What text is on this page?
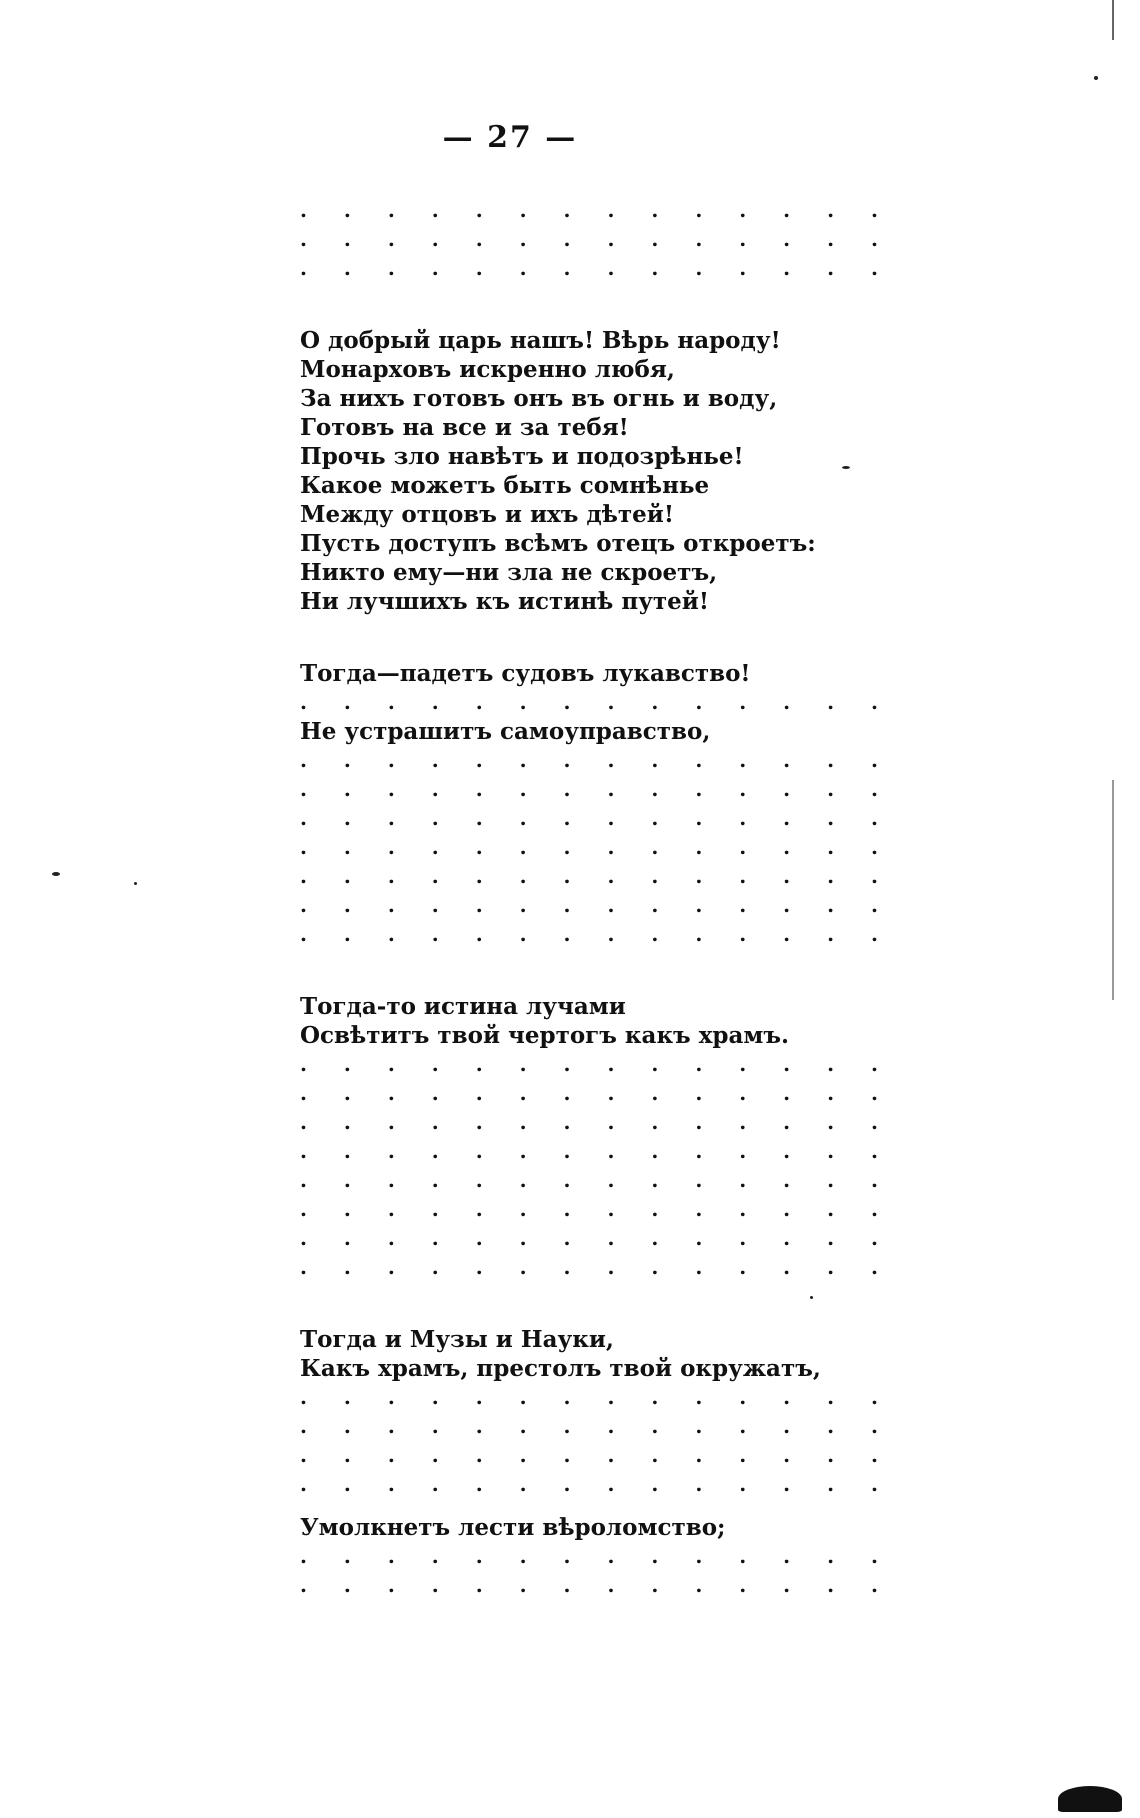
— 27 —
. . . . . . . . . . . . . .
. . . . . . . . . . . . . .
. . . . . . . . . . . . . .
О добрый царь нашъ! Вѣрь народу!
Монарховъ искренно любя,
За нихъ готовъ онъ въ огнь и воду,
Готовъ на все и за тебя!
Прочь зло навѣтъ и подозрѣнье!
Какое можетъ быть сомнѣнье
Между отцовъ и ихъ дѣтей!
Пусть доступъ всѣмъ отецъ откроетъ:
Никто ему—ни зла не скроетъ,
Ни лучшихъ къ истинѣ путей!
Тогда—падетъ судовъ лукавство!
. . . . . . . . . . . . . .
Не устрашитъ самоуправство,
. . . . . . . . . . . . . .
. . . . . . . . . . . . . .
. . . . . . . . . . . . . .
. . . . . . . . . . . . . .
. . . . . . . . . . . . . .
. . . . . . . . . . . . . .
. . . . . . . . . . . . . .
Тогда-то истина лучами
Освѣтитъ твой чертогъ какъ храмъ.
. . . . . . . . . . . . . .
. . . . . . . . . . . . . .
. . . . . . . . . . . . . .
. . . . . . . . . . . . . .
. . . . . . . . . . . . . .
. . . . . . . . . . . . . .
. . . . . . . . . . . . . .
. . . . . . . . . . . . . .
Тогда и Музы и Науки,
Какъ храмъ, престолъ твой окружатъ,
. . . . . . . . . . . . . .
. . . . . . . . . . . . . .
. . . . . . . . . . . . . .
. . . . . . . . . . . . . .
Умолкнетъ лести вѣроломство;
. . . . . . . . . . . . . .
. . . . . . . . . . . . . .
